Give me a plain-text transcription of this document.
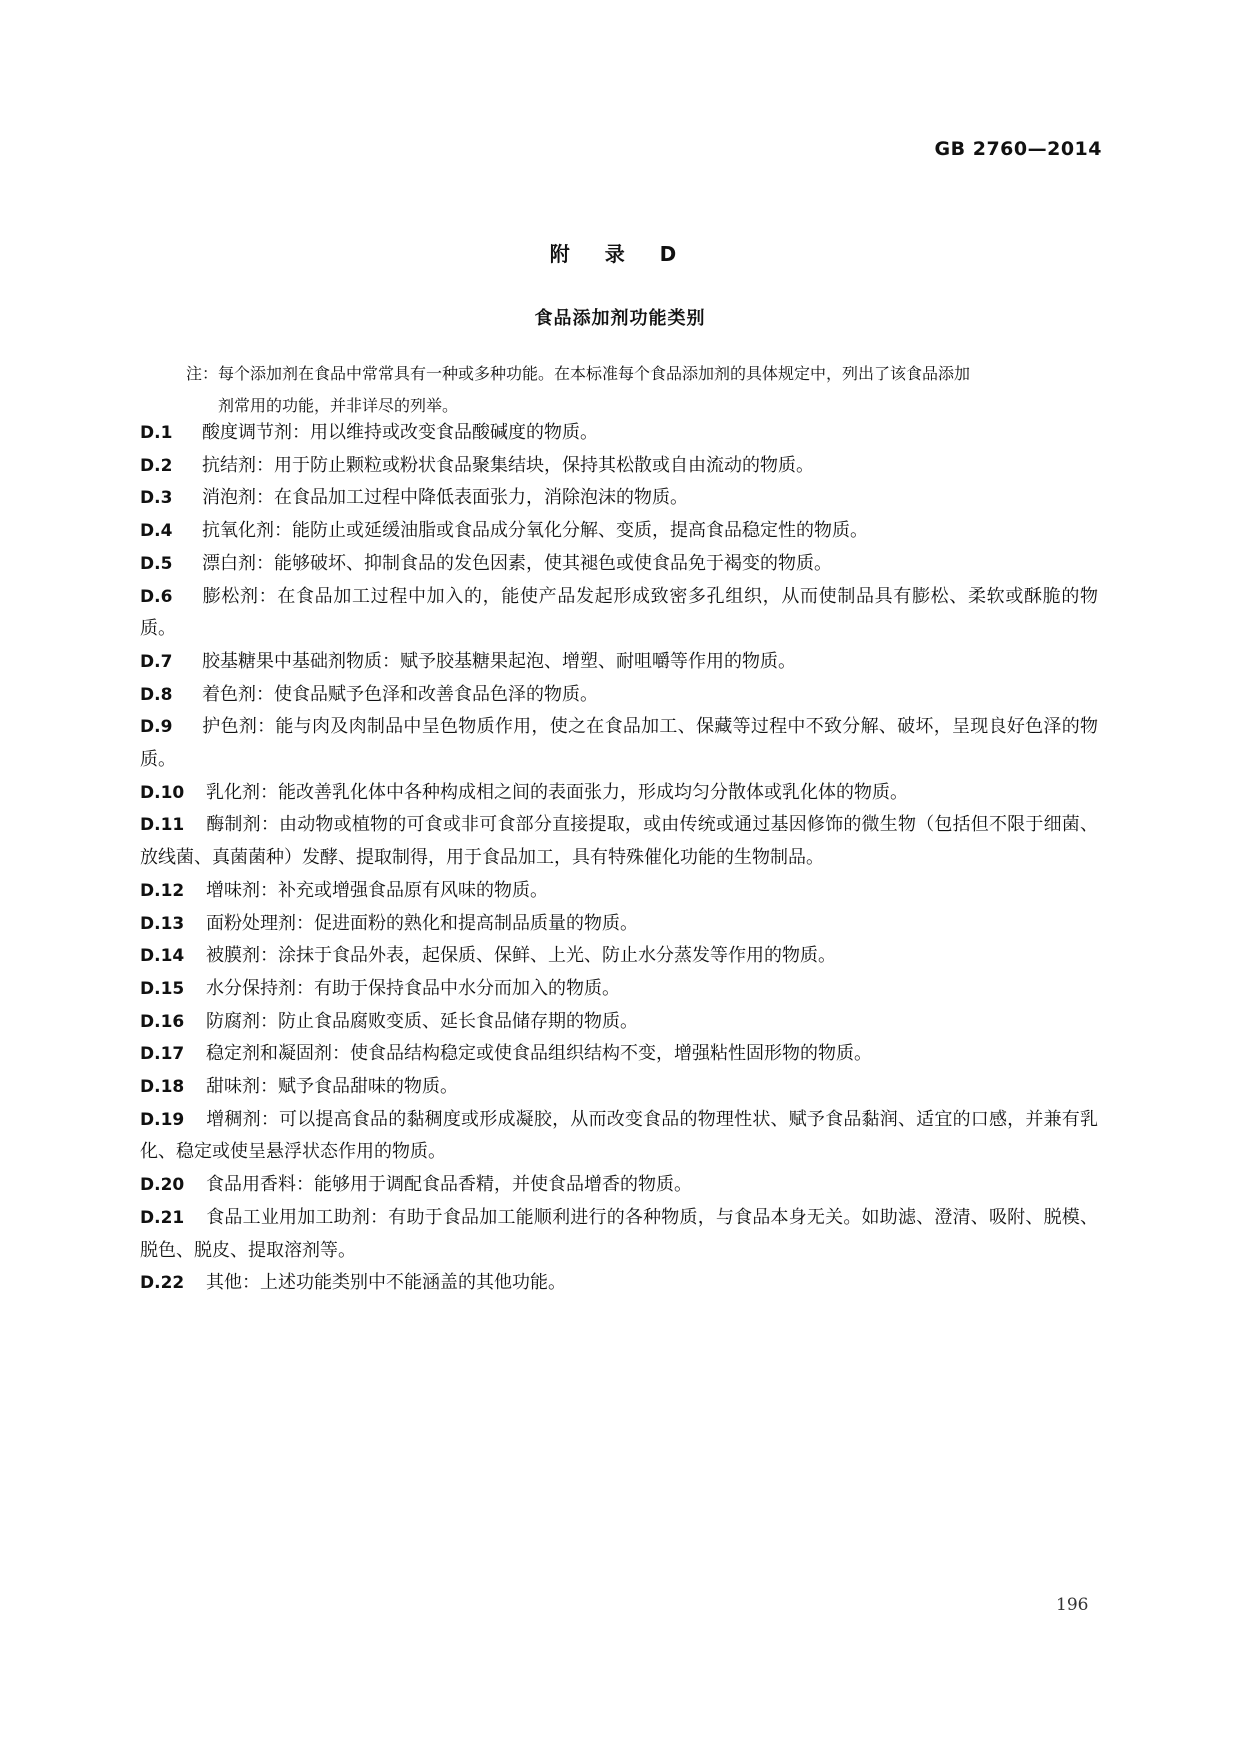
GB 2760—2014
附 录 D
食品添加剂功能类别
注：每个添加剂在食品中常常具有一种或多种功能。在本标准每个食品添加剂的具体规定中，列出了该食品添加
剂常用的功能，并非详尽的列举。

D.1 酸度调节剂：用以维持或改变食品酸碱度的物质。

D.2 抗结剂：用于防止颗粒或粉状食品聚集结块，保持其松散或自由流动的物质。

D.3 消泡剂：在食品加工过程中降低表面张力，消除泡沫的物质。

D.4 抗氧化剂：能防止或延缓油脂或食品成分氧化分解、变质，提高食品稳定性的物质。

D.5 漂白剂：能够破坏、抑制食品的发色因素，使其褪色或使食品免于褐变的物质。

D.6 膨松剂：在食品加工过程中加入的，能使产品发起形成致密多孔组织，从而使制品具有膨松、柔软或酥脆的物质。

D.7 胶基糖果中基础剂物质：赋予胶基糖果起泡、增塑、耐咀嚼等作用的物质。

D.8 着色剂：使食品赋予色泽和改善食品色泽的物质。

D.9 护色剂：能与肉及肉制品中呈色物质作用，使之在食品加工、保藏等过程中不致分解、破坏，呈现良好色泽的物质。

D.10 乳化剂：能改善乳化体中各种构成相之间的表面张力，形成均匀分散体或乳化体的物质。

D.11 酶制剂：由动物或植物的可食或非可食部分直接提取，或由传统或通过基因修饰的微生物（包括但不限于细菌、放线菌、真菌菌种）发酵、提取制得，用于食品加工，具有特殊催化功能的生物制品。

D.12 增味剂：补充或增强食品原有风味的物质。

D.13 面粉处理剂：促进面粉的熟化和提高制品质量的物质。

D.14 被膜剂：涂抹于食品外表，起保质、保鲜、上光、防止水分蒸发等作用的物质。

D.15 水分保持剂：有助于保持食品中水分而加入的物质。

D.16 防腐剂：防止食品腐败变质、延长食品储存期的物质。

D.17 稳定剂和凝固剂：使食品结构稳定或使食品组织结构不变，增强粘性固形物的物质。

D.18 甜味剂：赋予食品甜味的物质。

D.19 增稠剂：可以提高食品的黏稠度或形成凝胶，从而改变食品的物理性状、赋予食品黏润、适宜的口感，并兼有乳化、稳定或使呈悬浮状态作用的物质。

D.20 食品用香料：能够用于调配食品香精，并使食品增香的物质。

D.21 食品工业用加工助剂：有助于食品加工能顺利进行的各种物质，与食品本身无关。如助滤、澄清、吸附、脱模、脱色、脱皮、提取溶剂等。

D.22 其他：上述功能类别中不能涵盖的其他功能。

196
